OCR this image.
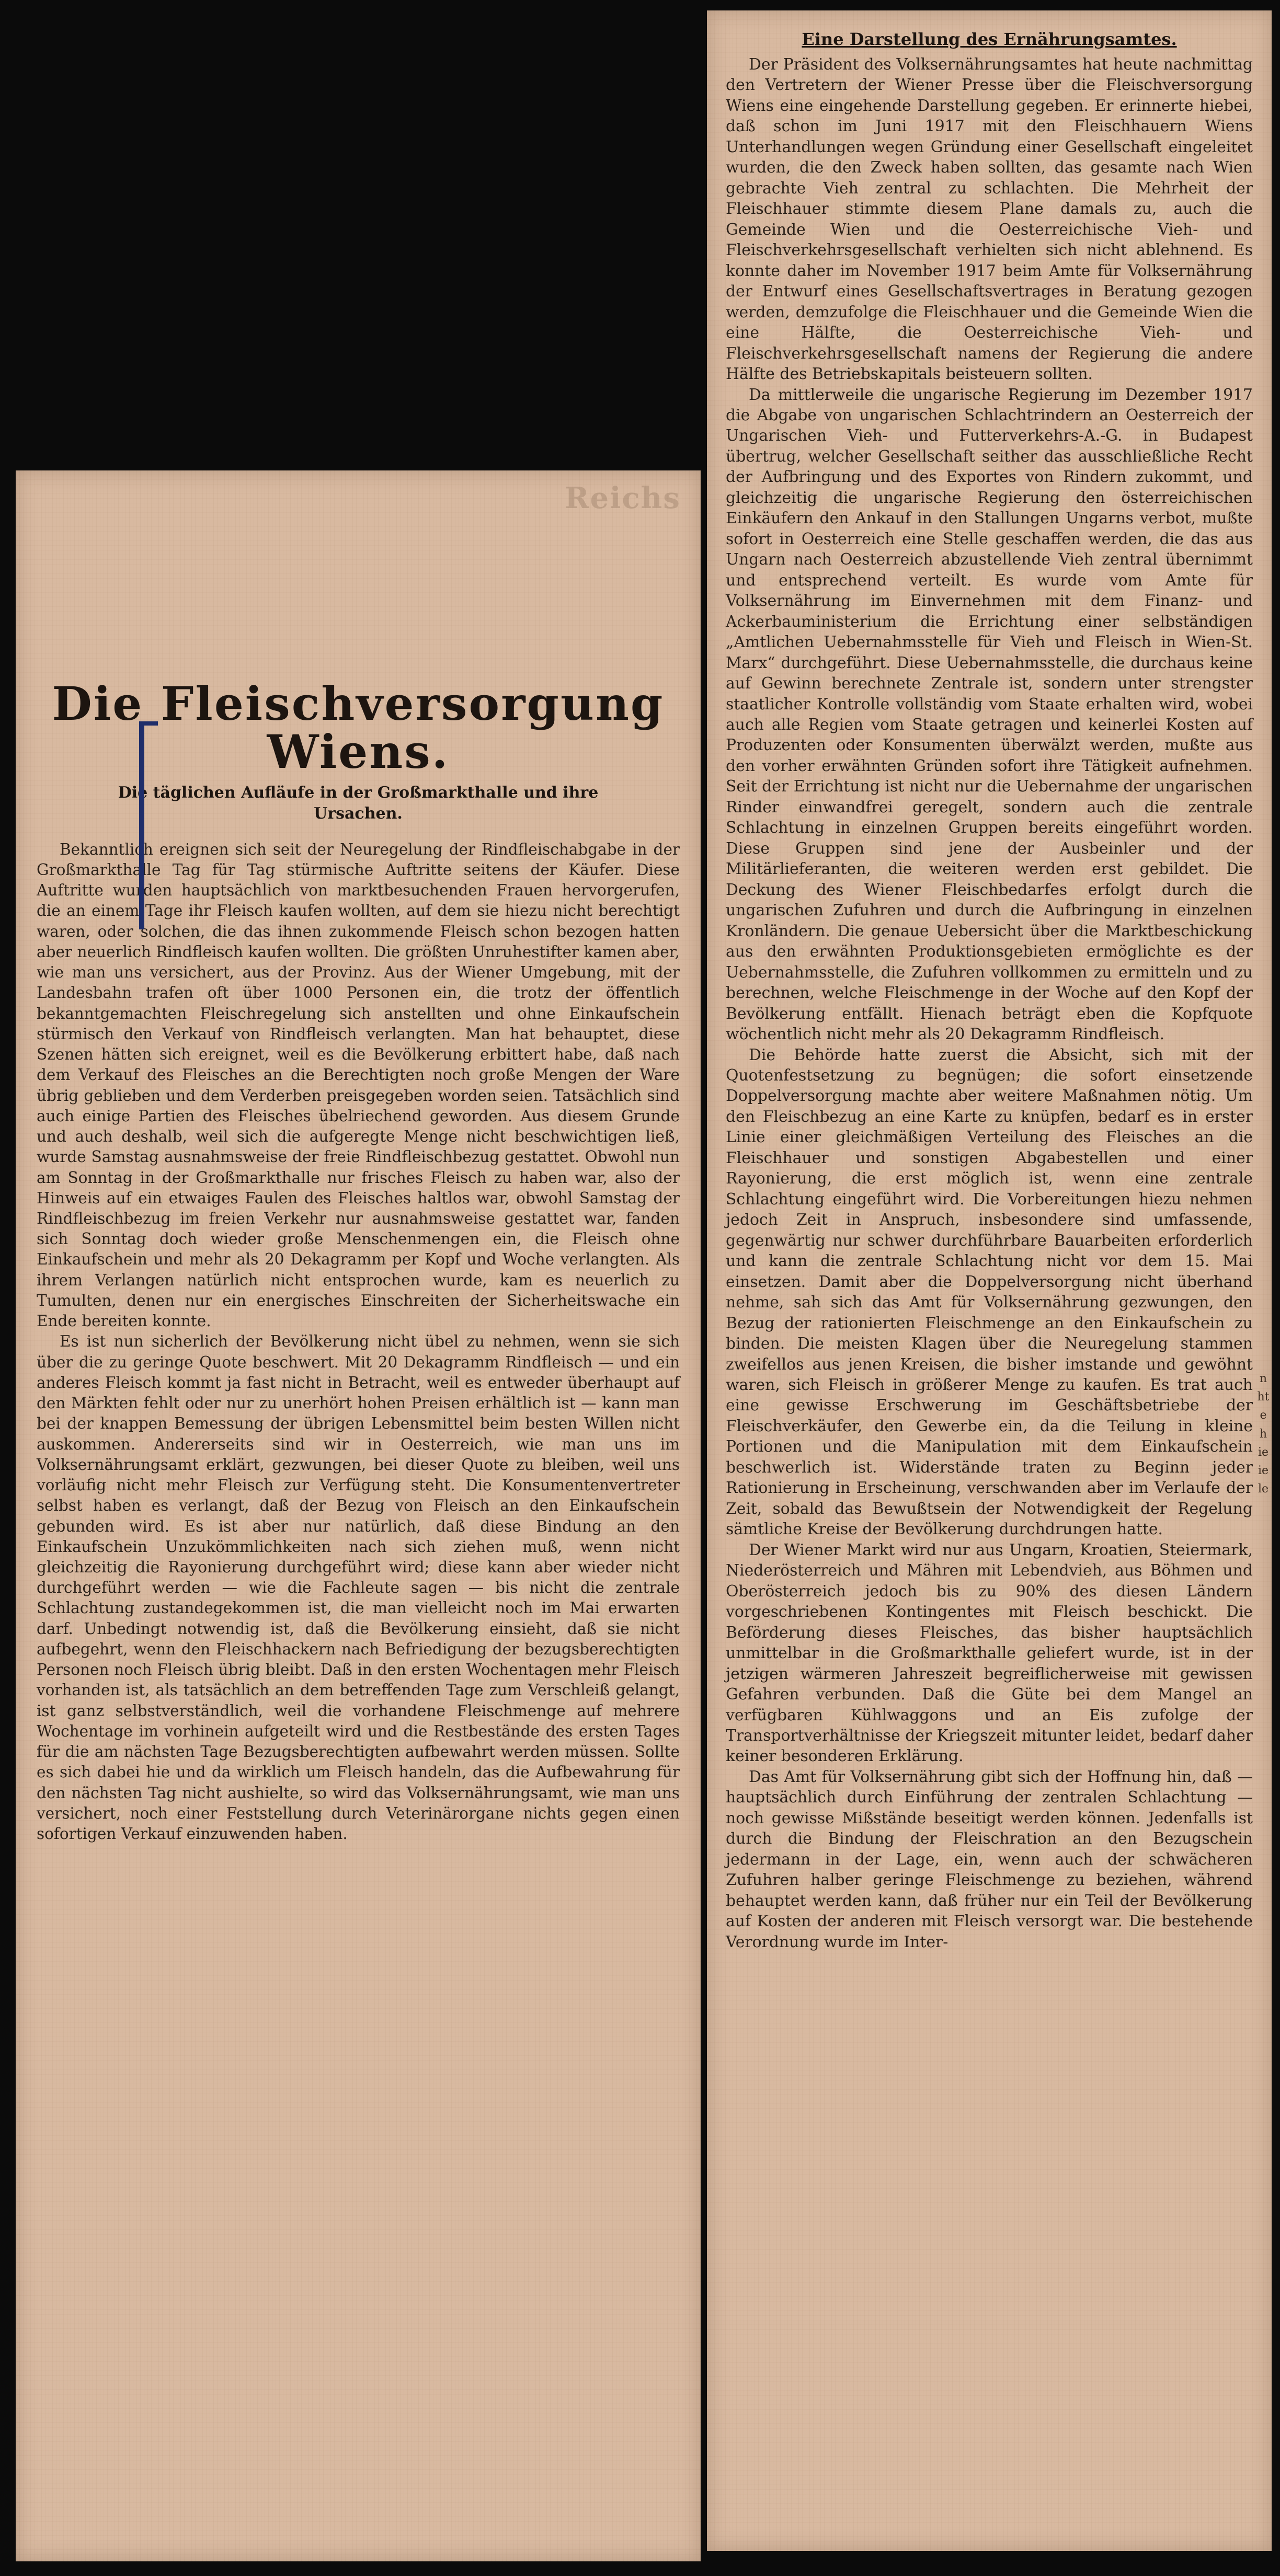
Reichs
Die Fleischversorgung
Wiens.
Die täglichen Aufläufe in der Großmarkthalle und ihre Ursachen.

Bekanntlich ereignen sich seit der Neuregelung der Rindfleischabgabe in der Großmarkthalle Tag für Tag stürmische Auftritte seitens der Käufer. Diese Auftritte wurden hauptsächlich von marktbesuchenden Frauen hervorgerufen, die an einem Tage ihr Fleisch kaufen wollten, auf dem sie hiezu nicht berechtigt waren, oder solchen, die das ihnen zukommende Fleisch schon bezogen hatten aber neuerlich Rindfleisch kaufen wollten. Die größten Unruhestifter kamen aber, wie man uns versichert, aus der Provinz. Aus der Wiener Umgebung, mit der Landesbahn trafen oft über 1000 Personen ein, die trotz der öffentlich bekanntgemachten Fleischregelung sich anstellten und ohne Einkaufschein stürmisch den Verkauf von Rindfleisch verlangten. Man hat behauptet, diese Szenen hätten sich ereignet, weil es die Bevölkerung erbittert habe, daß nach dem Verkauf des Fleisches an die Berechtigten noch große Mengen der Ware übrig geblieben und dem Verderben preisgegeben worden seien. Tatsächlich sind auch einige Partien des Fleisches übelriechend geworden. Aus diesem Grunde und auch deshalb, weil sich die aufgeregte Menge nicht beschwichtigen ließ, wurde Samstag ausnahmsweise der freie Rindfleischbezug gestattet. Obwohl nun am Sonntag in der Großmarkthalle nur frisches Fleisch zu haben war, also der Hinweis auf ein etwaiges Faulen des Fleisches haltlos war, obwohl Samstag der Rindfleischbezug im freien Verkehr nur ausnahmsweise gestattet war, fanden sich Sonntag doch wieder große Menschenmengen ein, die Fleisch ohne Einkaufschein und mehr als 20 Dekagramm per Kopf und Woche verlangten. Als ihrem Verlangen natürlich nicht entsprochen wurde, kam es neuerlich zu Tumulten, denen nur ein energisches Einschreiten der Sicherheitswache ein Ende bereiten konnte.

Es ist nun sicherlich der Bevölkerung nicht übel zu nehmen, wenn sie sich über die zu geringe Quote beschwert. Mit 20 Dekagramm Rindfleisch — und ein anderes Fleisch kommt ja fast nicht in Betracht, weil es entweder überhaupt auf den Märkten fehlt oder nur zu unerhört hohen Preisen erhältlich ist — kann man bei der knappen Bemessung der übrigen Lebensmittel beim besten Willen nicht auskommen. Andererseits sind wir in Oesterreich, wie man uns im Volksernährungsamt erklärt, gezwungen, bei dieser Quote zu bleiben, weil uns vorläufig nicht mehr Fleisch zur Verfügung steht. Die Konsumentenvertreter selbst haben es verlangt, daß der Bezug von Fleisch an den Einkaufschein gebunden wird. Es ist aber nur natürlich, daß diese Bindung an den Einkaufschein Unzukömmlichkeiten nach sich ziehen muß, wenn nicht gleichzeitig die Rayonierung durchgeführt wird; diese kann aber wieder nicht durchgeführt werden — wie die Fachleute sagen — bis nicht die zentrale Schlachtung zustandegekommen ist, die man vielleicht noch im Mai erwarten darf. Unbedingt notwendig ist, daß die Bevölkerung einsieht, daß sie nicht aufbegehrt, wenn den Fleischhackern nach Befriedigung der bezugsberechtigten Personen noch Fleisch übrig bleibt. Daß in den ersten Wochentagen mehr Fleisch vorhanden ist, als tatsächlich an dem betreffenden Tage zum Verschleiß gelangt, ist ganz selbstverständlich, weil die vorhandene Fleischmenge auf mehrere Wochentage im vorhinein aufgeteilt wird und die Restbestände des ersten Tages für die am nächsten Tage Bezugsberechtigten aufbewahrt werden müssen. Sollte es sich dabei hie und da wirklich um Fleisch handeln, das die Aufbewahrung für den nächsten Tag nicht aushielte, so wird das Volksernährungsamt, wie man uns versichert, noch einer Feststellung durch Veterinärorgane nichts gegen einen sofortigen Verkauf einzuwenden haben.

Eine Darstellung des Ernährungsamtes.

Der Präsident des Volksernährungsamtes hat heute nachmittag den Vertretern der Wiener Presse über die Fleischversorgung Wiens eine eingehende Darstellung gegeben. Er erinnerte hiebei, daß schon im Juni 1917 mit den Fleischhauern Wiens Unterhandlungen wegen Gründung einer Gesellschaft eingeleitet wurden, die den Zweck haben sollten, das gesamte nach Wien gebrachte Vieh zentral zu schlachten. Die Mehrheit der Fleischhauer stimmte diesem Plane damals zu, auch die Gemeinde Wien und die Oesterreichische Vieh- und Fleischverkehrsgesellschaft verhielten sich nicht ablehnend. Es konnte daher im November 1917 beim Amte für Volksernährung der Entwurf eines Gesellschaftsvertrages in Beratung gezogen werden, demzufolge die Fleischhauer und die Gemeinde Wien die eine Hälfte, die Oesterreichische Vieh- und Fleischverkehrsgesellschaft namens der Regierung die andere Hälfte des Betriebskapitals beisteuern sollten.

Da mittlerweile die ungarische Regierung im Dezember 1917 die Abgabe von ungarischen Schlachtrindern an Oesterreich der Ungarischen Vieh- und Futterverkehrs-A.-G. in Budapest übertrug, welcher Gesellschaft seither das ausschließliche Recht der Aufbringung und des Exportes von Rindern zukommt, und gleichzeitig die ungarische Regierung den österreichischen Einkäufern den Ankauf in den Stallungen Ungarns verbot, mußte sofort in Oesterreich eine Stelle geschaffen werden, die das aus Ungarn nach Oesterreich abzustellende Vieh zentral übernimmt und entsprechend verteilt. Es wurde vom Amte für Volksernährung im Einvernehmen mit dem Finanz- und Ackerbauministerium die Errichtung einer selbständigen „Amtlichen Uebernahmsstelle für Vieh und Fleisch in Wien-St. Marx“ durchgeführt. Diese Uebernahmsstelle, die durchaus keine auf Gewinn berechnete Zentrale ist, sondern unter strengster staatlicher Kontrolle vollständig vom Staate erhalten wird, wobei auch alle Regien vom Staate getragen und keinerlei Kosten auf Produzenten oder Konsumenten überwälzt werden, mußte aus den vorher erwähnten Gründen sofort ihre Tätigkeit aufnehmen. Seit der Errichtung ist nicht nur die Uebernahme der ungarischen Rinder einwandfrei geregelt, sondern auch die zentrale Schlachtung in einzelnen Gruppen bereits eingeführt worden. Diese Gruppen sind jene der Ausbeinler und der Militärlieferanten, die weiteren werden erst gebildet. Die Deckung des Wiener Fleischbedarfes erfolgt durch die ungarischen Zufuhren und durch die Aufbringung in einzelnen Kronländern. Die genaue Uebersicht über die Marktbeschickung aus den erwähnten Produktionsgebieten ermöglichte es der Uebernahmsstelle, die Zufuhren vollkommen zu ermitteln und zu berechnen, welche Fleischmenge in der Woche auf den Kopf der Bevölkerung entfällt. Hienach beträgt eben die Kopfquote wöchentlich nicht mehr als 20 Dekagramm Rindfleisch.

Die Behörde hatte zuerst die Absicht, sich mit der Quotenfestsetzung zu begnügen; die sofort einsetzende Doppelversorgung machte aber weitere Maßnahmen nötig. Um den Fleischbezug an eine Karte zu knüpfen, bedarf es in erster Linie einer gleichmäßigen Verteilung des Fleisches an die Fleischhauer und sonstigen Abgabestellen und einer Rayonierung, die erst möglich ist, wenn eine zentrale Schlachtung eingeführt wird. Die Vorbereitungen hiezu nehmen jedoch Zeit in Anspruch, insbesondere sind umfassende, gegenwärtig nur schwer durchführbare Bauarbeiten erforderlich und kann die zentrale Schlachtung nicht vor dem 15. Mai einsetzen. Damit aber die Doppelversorgung nicht überhand nehme, sah sich das Amt für Volksernährung gezwungen, den Bezug der rationierten Fleischmenge an den Einkaufschein zu binden. Die meisten Klagen über die Neuregelung stammen zweifellos aus jenen Kreisen, die bisher imstande und gewöhnt waren, sich Fleisch in größerer Menge zu kaufen. Es trat auch eine gewisse Erschwerung im Geschäftsbetriebe der Fleischverkäufer, den Gewerbe ein, da die Teilung in kleine Portionen und die Manipulation mit dem Einkaufschein beschwerlich ist. Widerstände traten zu Beginn jeder Rationierung in Erscheinung, verschwanden aber im Verlaufe der Zeit, sobald das Bewußtsein der Notwendigkeit der Regelung sämtliche Kreise der Bevölkerung durchdrungen hatte.

Der Wiener Markt wird nur aus Ungarn, Kroatien, Steiermark, Niederösterreich und Mähren mit Lebendvieh, aus Böhmen und Oberösterreich jedoch bis zu 90% des diesen Ländern vorgeschriebenen Kontingentes mit Fleisch beschickt. Die Beförderung dieses Fleisches, das bisher hauptsächlich unmittelbar in die Großmarkthalle geliefert wurde, ist in der jetzigen wärmeren Jahreszeit begreiflicherweise mit gewissen Gefahren verbunden. Daß die Güte bei dem Mangel an verfügbaren Kühlwaggons und an Eis zufolge der Transportverhältnisse der Kriegszeit mitunter leidet, bedarf daher keiner besonderen Erklärung.

Das Amt für Volksernährung gibt sich der Hoffnung hin, daß — hauptsächlich durch Einführung der zentralen Schlachtung — noch gewisse Mißstände beseitigt werden können. Jedenfalls ist durch die Bindung der Fleischration an den Bezugschein jedermann in der Lage, ein, wenn auch der schwächeren Zufuhren halber geringe Fleischmenge zu beziehen, während behauptet werden kann, daß früher nur ein Teil der Bevölkerung auf Kosten der anderen mit Fleisch versorgt war. Die bestehende Verordnung wurde im Inter-

n
ht
e
h
ie
ie
le
